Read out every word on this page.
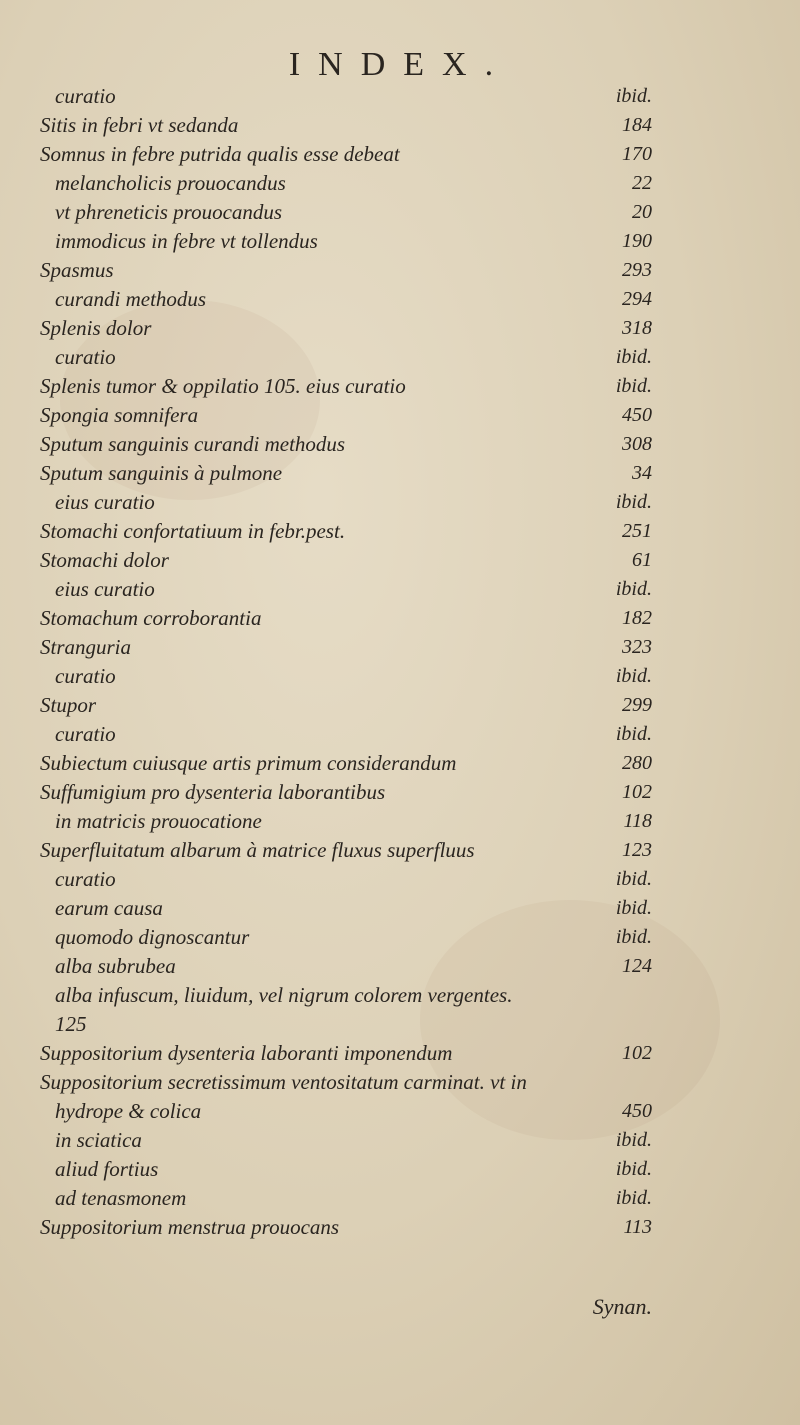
INDEX.
curatio	ibid.
Sitis in febri vt sedanda	184
Somnus in febre putrida qualis esse debeat	170
melancholicis prouocandus	22
vt phreneticis prouocandus	20
immodicus in febre vt tollendus	190
Spasmus	293
curandi methodus	294
Splenis dolor	318
curatio	ibid.
Splenis tumor & oppilatio 105. eius curatio	ibid.
Spongia somnifera	450
Sputum sanguinis curandi methodus	308
Sputum sanguinis à pulmone	34
eius curatio	ibid.
Stomachi confortatiuum in febr.pest.	251
Stomachi dolor	61
eius curatio	ibid.
Stomachum corroborantia	182
Stranguria	323
curatio	ibid.
Stupor	299
curatio	ibid.
Subiectum cuiusque artis primum considerandum	280
Suffumigium pro dysenteria laborantibus	102
in matricis prouocatione	118
Superfluitatum albarum à matrice fluxus superfluus	123
curatio	ibid.
earum causa	ibid.
quomodo dignoscantur	ibid.
alba subrubea	124
alba infuscum, liuidum, vel nigrum colorem vergentes.
125
Suppositorium dysenteria laboranti imponendum	102
Suppositorium secretissimum ventositatum carminat. vt in
hydrope & colica	450
in sciatica	ibid.
aliud fortius	ibid.
ad tenasmonem	ibid.
Suppositorium menstrua prouocans	113
Synan.
